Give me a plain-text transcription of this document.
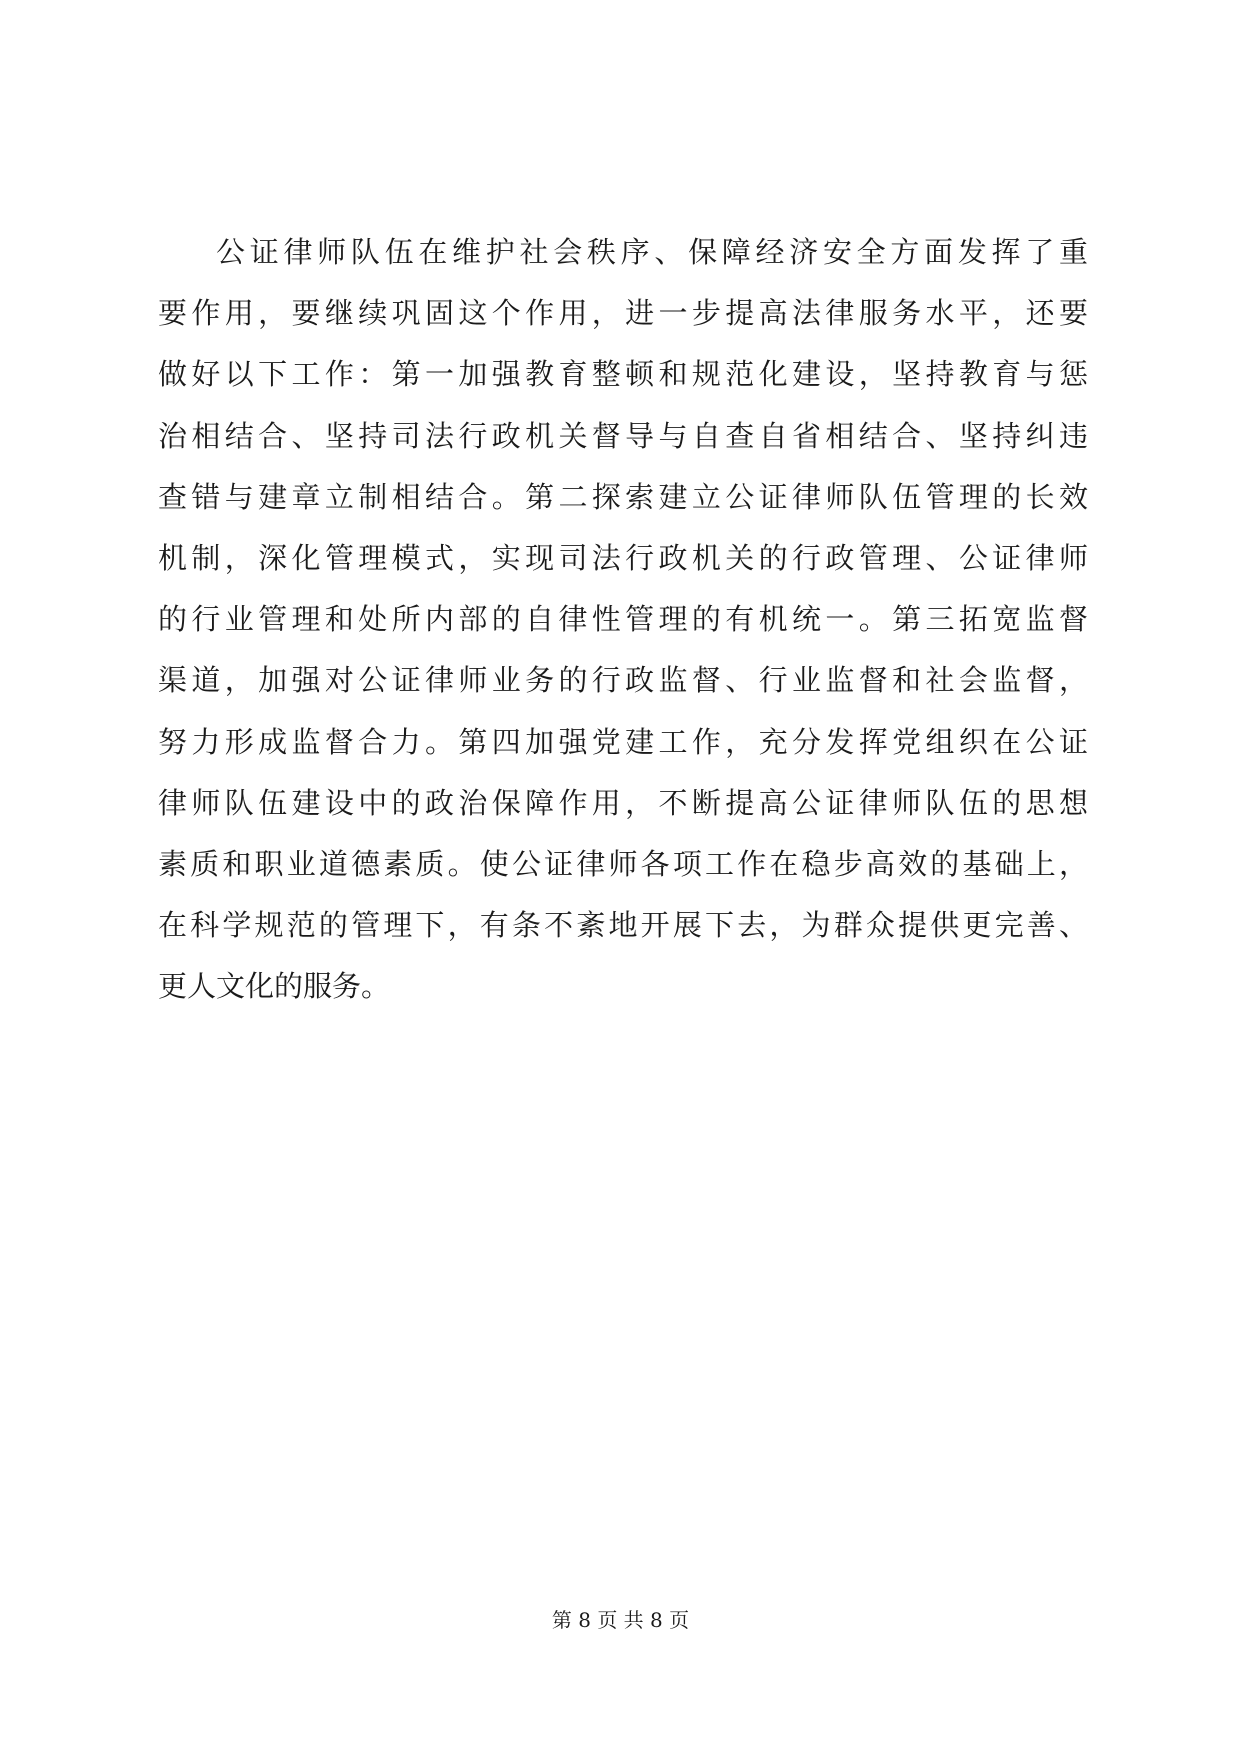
公证律师队伍在维护社会秩序、保障经济安全方面发挥了重
要作用，要继续巩固这个作用，进一步提高法律服务水平，还要
做好以下工作：第一加强教育整顿和规范化建设，坚持教育与惩
治相结合、坚持司法行政机关督导与自查自省相结合、坚持纠违
查错与建章立制相结合。第二探索建立公证律师队伍管理的长效
机制，深化管理模式，实现司法行政机关的行政管理、公证律师
的行业管理和处所内部的自律性管理的有机统一。第三拓宽监督
渠道，加强对公证律师业务的行政监督、行业监督和社会监督，
努力形成监督合力。第四加强党建工作，充分发挥党组织在公证
律师队伍建设中的政治保障作用，不断提高公证律师队伍的思想
素质和职业道德素质。使公证律师各项工作在稳步高效的基础上，
在科学规范的管理下，有条不紊地开展下去，为群众提供更完善、
更人文化的服务。
第 8 页 共 8 页
